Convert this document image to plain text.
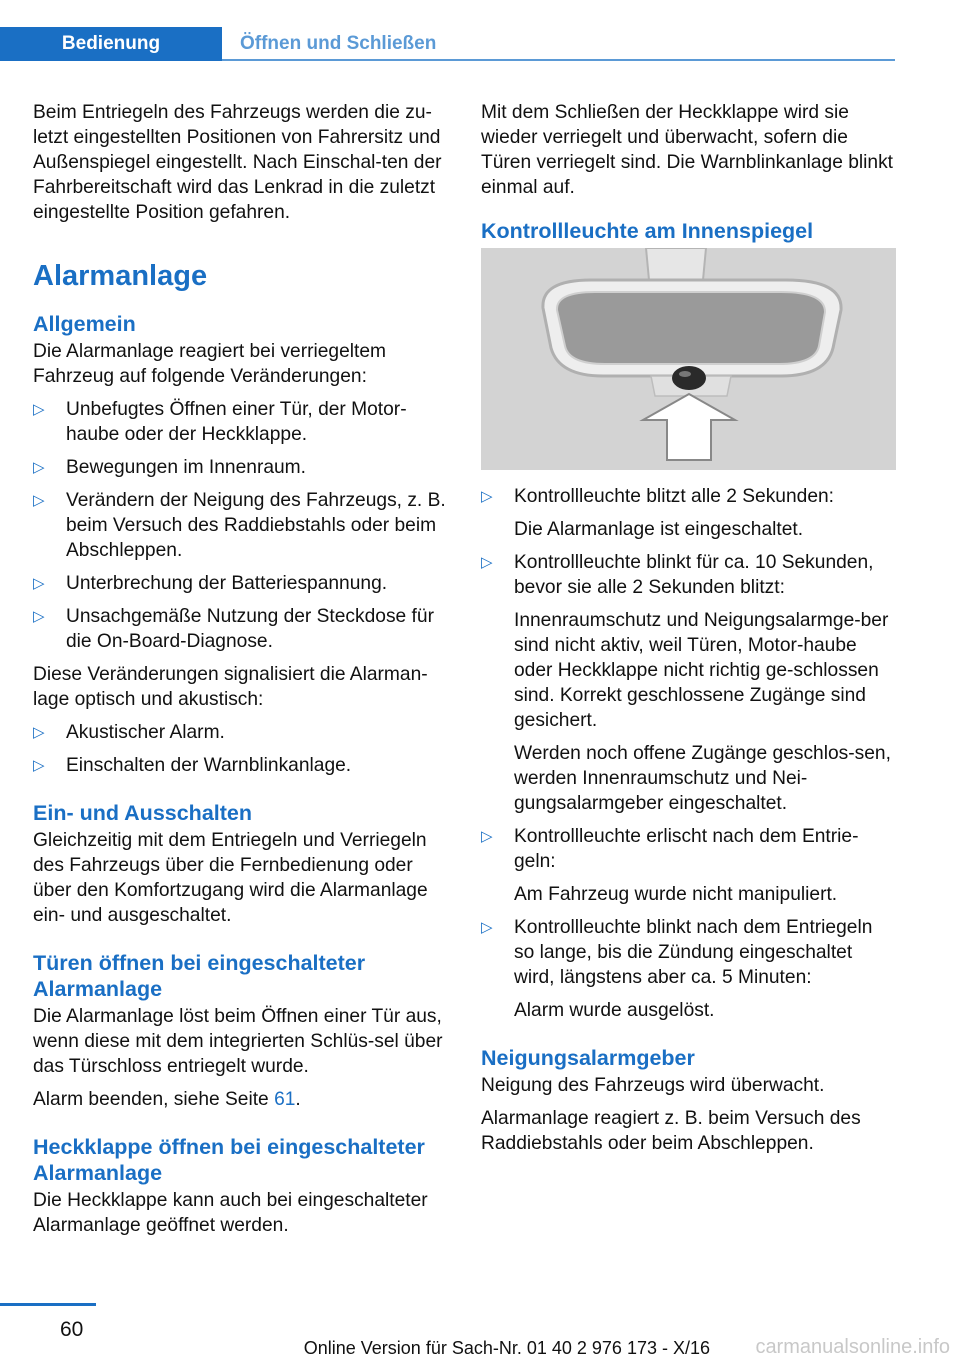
Bedienung	Öffnen und Schließen

Beim Entriegeln des Fahrzeugs werden die zu-letzt eingestellten Positionen von Fahrersitz und Außenspiegel eingestellt. Nach Einschal-ten der Fahrbereitschaft wird das Lenkrad in die zuletzt eingestellte Position gefahren.

Alarmanlage
Allgemein

Die Alarmanlage reagiert bei verriegeltem Fahrzeug auf folgende Veränderungen:

▷ Unbefugtes Öffnen einer Tür, der Motor-haube oder der Heckklappe.
▷ Bewegungen im Innenraum.
▷ Verändern der Neigung des Fahrzeugs, z. B. beim Versuch des Raddiebstahls oder beim Abschleppen.
▷ Unterbrechung der Batteriespannung.
▷ Unsachgemäße Nutzung der Steckdose für die On-Board-Diagnose.

Diese Veränderungen signalisiert die Alarman-lage optisch und akustisch:

▷ Akustischer Alarm.
▷ Einschalten der Warnblinkanlage.
Ein- und Ausschalten

Gleichzeitig mit dem Entriegeln und Verriegeln des Fahrzeugs über die Fernbedienung oder über den Komfortzugang wird die Alarmanlage ein- und ausgeschaltet.

Türen öffnen bei eingeschalteter Alarmanlage

Die Alarmanlage löst beim Öffnen einer Tür aus, wenn diese mit dem integrierten Schlüs-sel über das Türschloss entriegelt wurde.

Alarm beenden, siehe Seite 61.

Heckklappe öffnen bei eingeschalteter Alarmanlage

Die Heckklappe kann auch bei eingeschalteter Alarmanlage geöffnet werden.

Mit dem Schließen der Heckklappe wird sie wieder verriegelt und überwacht, sofern die Türen verriegelt sind. Die Warnblinkanlage blinkt einmal auf.

Kontrollleuchte am Innenspiegel
▷ Kontrollleuchte blitzt alle 2 Sekunden:
Die Alarmanlage ist eingeschaltet.
▷ Kontrollleuchte blinkt für ca. 10 Sekunden, bevor sie alle 2 Sekunden blitzt:
Innenraumschutz und Neigungsalarmge-ber sind nicht aktiv, weil Türen, Motor-haube oder Heckklappe nicht richtig ge-schlossen sind. Korrekt geschlossene Zugänge sind gesichert.
Werden noch offene Zugänge geschlos-sen, werden Innenraumschutz und Nei-gungsalarmgeber eingeschaltet.
▷ Kontrollleuchte erlischt nach dem Entrie-geln:
Am Fahrzeug wurde nicht manipuliert.
▷ Kontrollleuchte blinkt nach dem Entriegeln so lange, bis die Zündung eingeschaltet wird, längstens aber ca. 5 Minuten:
Alarm wurde ausgelöst.
Neigungsalarmgeber

Neigung des Fahrzeugs wird überwacht.

Alarmanlage reagiert z. B. beim Versuch des Raddiebstahls oder beim Abschleppen.

60
Online Version für Sach-Nr. 01 40 2 976 173 - X/16 carmanualsonline.info
